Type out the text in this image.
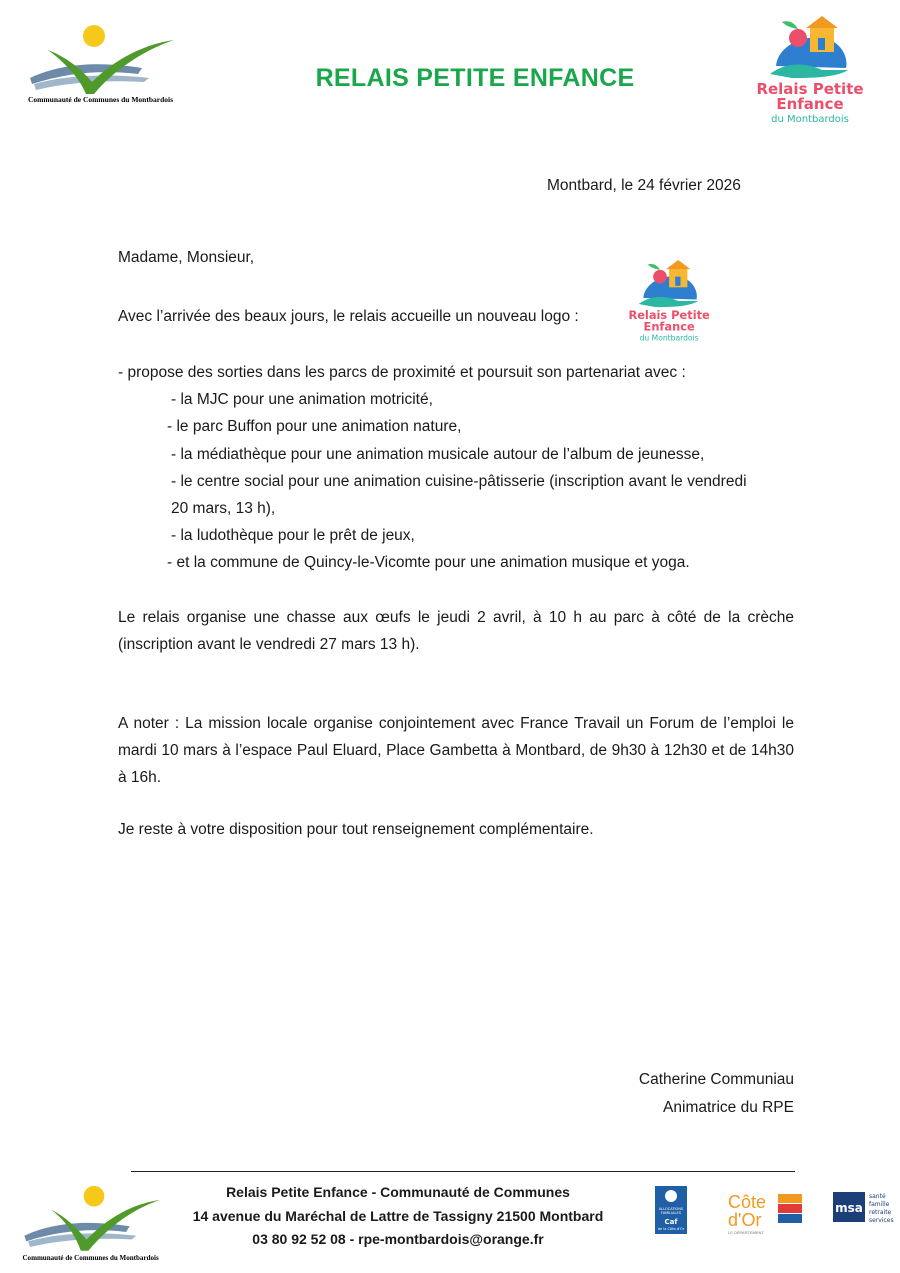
Communauté de Communes du Montbardois
RELAIS PETITE ENFANCE	Relais Petite
Enfance
du Montbardois
Montbard, le 24 février 2026
Madame, Monsieur,
Avec l’arrivée des beaux jours, le relais accueille un nouveau logo :	Relais Petite
Enfance
du Montbardois
- propose des sorties dans les parcs de proximité et poursuit son partenariat avec :
- la MJC pour une animation motricité,
- le parc Buffon pour une animation nature,
- la médiathèque pour une animation musicale autour de l’album de jeunesse,
- le centre social pour une animation cuisine-pâtisserie (inscription avant le vendredi
20 mars, 13 h),
- la ludothèque pour le prêt de jeux,
- et la commune de Quincy-le-Vicomte pour une animation musique et yoga.
Le relais organise une chasse aux œufs le jeudi 2 avril, à 10 h au parc à côté de la crèche (inscription avant le vendredi 27 mars 13 h).
A noter : La mission locale organise conjointement avec France Travail un Forum de l’emploi le mardi 10 mars à l’espace Paul Eluard, Place Gambetta à Montbard, de 9h30 à 12h30 et de 14h30 à 16h.
Je reste à votre disposition pour tout renseignement complémentaire.
Catherine Communiau
Animatrice du RPE
Communauté de Communes du Montbardois
Relais Petite Enfance - Communauté de Communes
14 avenue du Maréchal de Lattre de Tassigny 21500 Montbard
03 80 92 52 08 - rpe-montbardois@orange.fr
ALLOCATIONS
FAMILIALES
Caf
de la Côte-d'Or
Côte
d'Or
LE DÉPARTEMENT
msa
santé
famille
retraite
services
